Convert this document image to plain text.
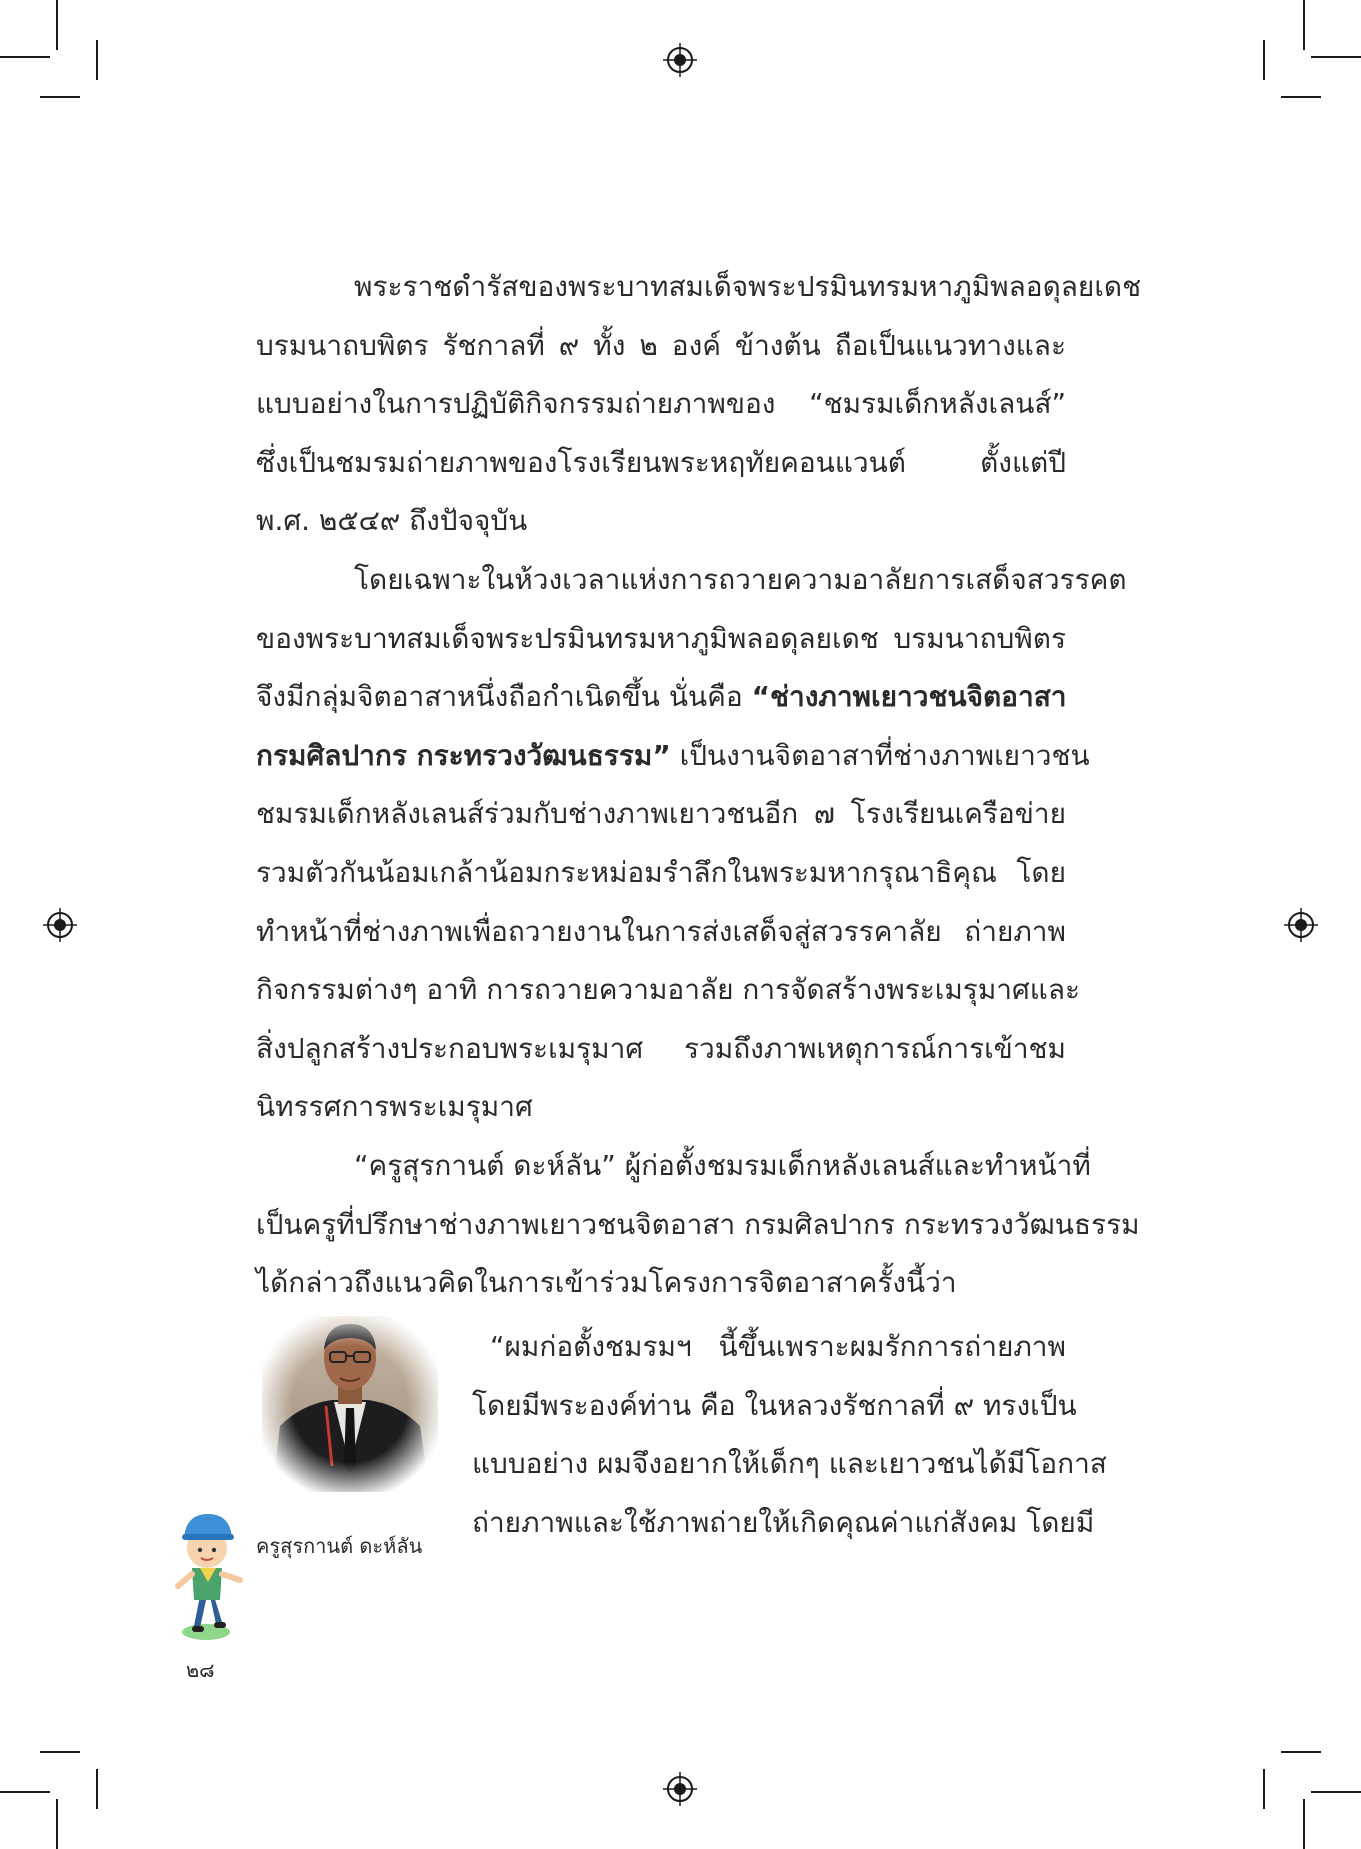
พระราชดำรัสของพระบาทสมเด็จพระปรมินทรมหาภูมิพลอดุลยเดช
บรมนาถบพิตร รัชกาลที่ ๙ ทั้ง ๒ องค์ ข้างต้น ถือเป็นแนวทางและ
แบบอย่างในการปฏิบัติกิจกรรมถ่ายภาพของ “ชมรมเด็กหลังเลนส์”
ซึ่งเป็นชมรมถ่ายภาพของโรงเรียนพระหฤทัยคอนแวนต์ ตั้งแต่ปี
พ.ศ. ๒๕๔๙ ถึงปัจจุบัน
โดยเฉพาะในห้วงเวลาแห่งการถวายความอาลัยการเสด็จสวรรคต
ของพระบาทสมเด็จพระปรมินทรมหาภูมิพลอดุลยเดช บรมนาถบพิตร
จึงมีกลุ่มจิตอาสาหนึ่งถือกำเนิดขึ้น นั่นคือ “ช่างภาพเยาวชนจิตอาสา
กรมศิลปากร กระทรวงวัฒนธรรม” เป็นงานจิตอาสาที่ช่างภาพเยาวชน
ชมรมเด็กหลังเลนส์ร่วมกับช่างภาพเยาวชนอีก ๗ โรงเรียนเครือข่าย
รวมตัวกันน้อมเกล้าน้อมกระหม่อมรำลึกในพระมหากรุณาธิคุณ โดย
ทำหน้าที่ช่างภาพเพื่อถวายงานในการส่งเสด็จสู่สวรรคาลัย ถ่ายภาพ
กิจกรรมต่างๆ อาทิ การถวายความอาลัย การจัดสร้างพระเมรุมาศและ
สิ่งปลูกสร้างประกอบพระเมรุมาศ รวมถึงภาพเหตุการณ์การเข้าชม
นิทรรศการพระเมรุมาศ
“ครูสุรกานต์ ดะห์ลัน” ผู้ก่อตั้งชมรมเด็กหลังเลนส์และทำหน้าที่
เป็นครูที่ปรึกษาช่างภาพเยาวชนจิตอาสา กรมศิลปากร กระทรวงวัฒนธรรม
ได้กล่าวถึงแนวคิดในการเข้าร่วมโครงการจิตอาสาครั้งนี้ว่า
“ผมก่อตั้งชมรมฯ นี้ขึ้นเพราะผมรักการถ่ายภาพ
โดยมีพระองค์ท่าน คือ ในหลวงรัชกาลที่ ๙ ทรงเป็น
แบบอย่าง ผมจึงอยากให้เด็กๆ และเยาวชนได้มีโอกาส
ถ่ายภาพและใช้ภาพถ่ายให้เกิดคุณค่าแก่สังคม โดยมี
ครูสุรกานต์ ดะห์ลัน
๒๘
